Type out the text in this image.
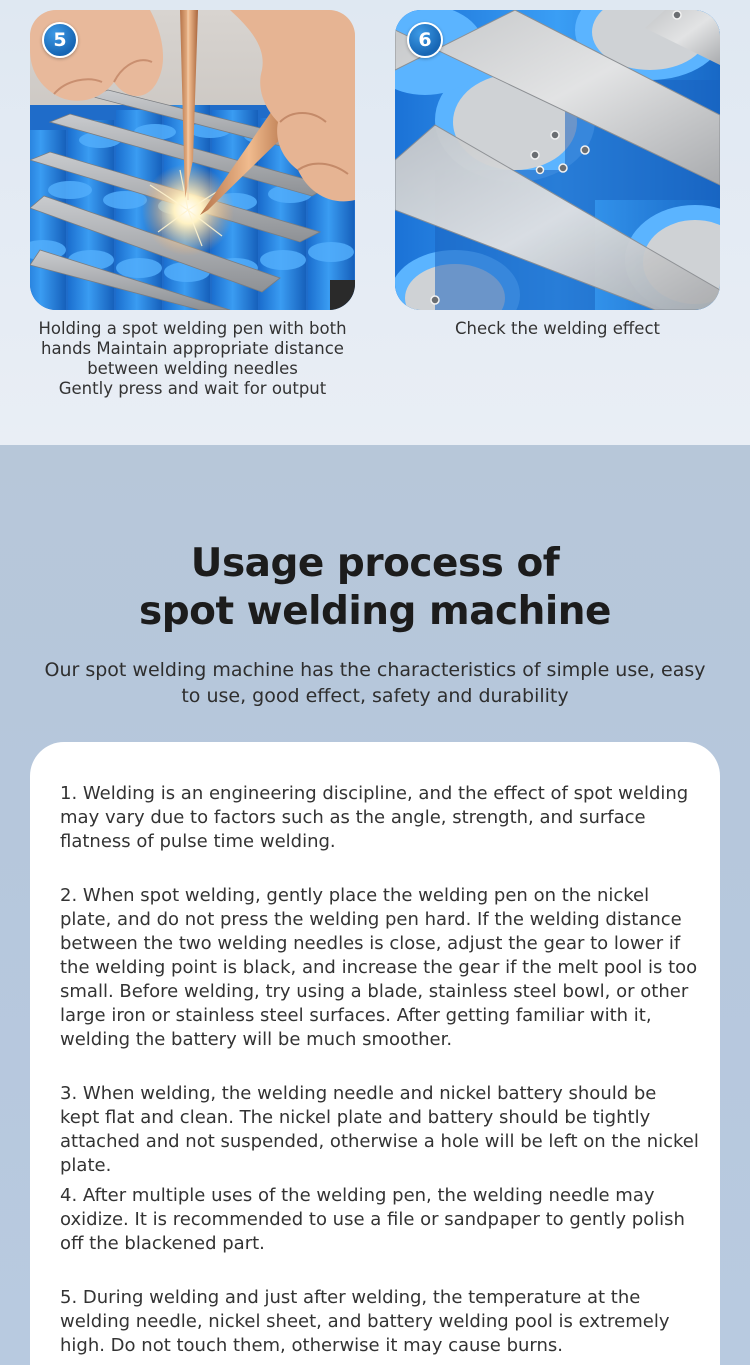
5

Holding a spot welding pen with both
hands Maintain appropriate distance
between welding needles
Gently press and wait for output

6

Check the welding effect

Usage process of
spot welding machine

Our spot welding machine has the characteristics of simple use, easy to use, good effect, safety and durability

1. Welding is an engineering discipline, and the effect of spot welding may vary due to factors such as the angle, strength, and surface flatness of pulse time welding.

2. When spot welding, gently place the welding pen on the nickel plate, and do not press the welding pen hard. If the welding distance between the two welding needles is close, adjust the gear to lower if the welding point is black, and increase the gear if the melt pool is too small. Before welding, try using a blade, stainless steel bowl, or other large iron or stainless steel surfaces. After getting familiar with it, welding the battery will be much smoother.

3. When welding, the welding needle and nickel battery should be kept flat and clean. The nickel plate and battery should be tightly attached and not suspended, otherwise a hole will be left on the nickel plate.

4. After multiple uses of the welding pen, the welding needle may oxidize. It is recommended to use a file or sandpaper to gently polish off the blackened part.

5. During welding and just after welding, the temperature at the welding needle, nickel sheet, and battery welding pool is extremely high. Do not touch them, otherwise it may cause burns.
